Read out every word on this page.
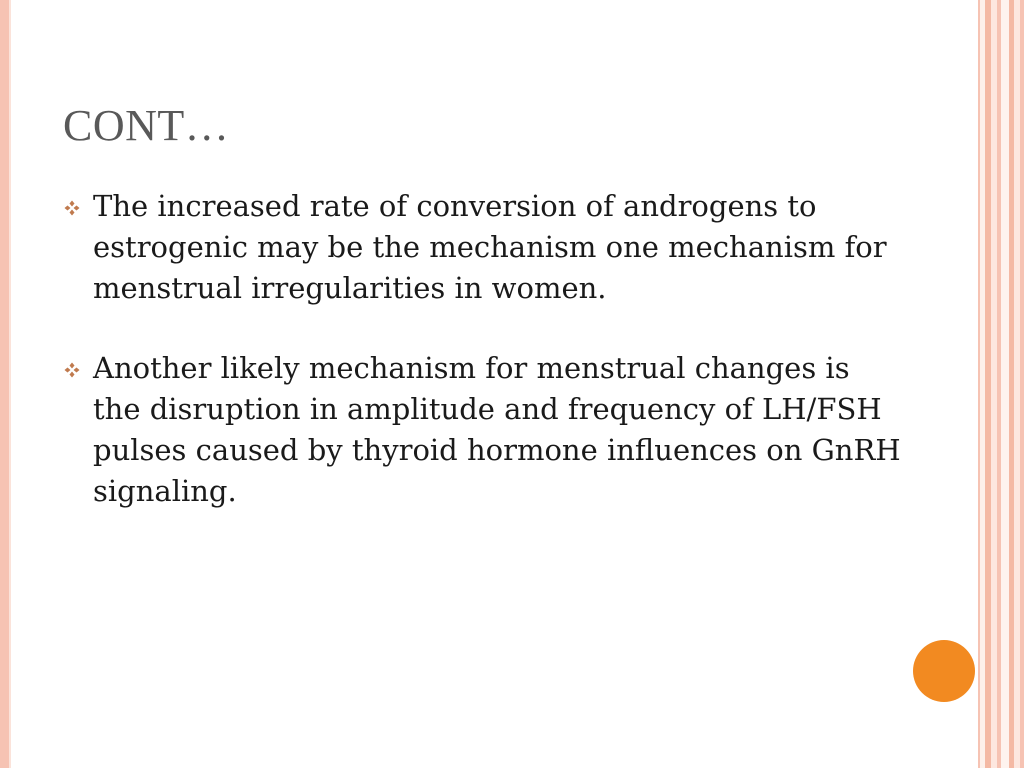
CONT…
The increased rate of conversion of androgens to estrogenic may be the mechanism one mechanism for menstrual irregularities in women.
Another likely mechanism for menstrual changes is the disruption in amplitude and frequency of LH/FSH pulses caused by thyroid hormone influences on GnRH signaling.
